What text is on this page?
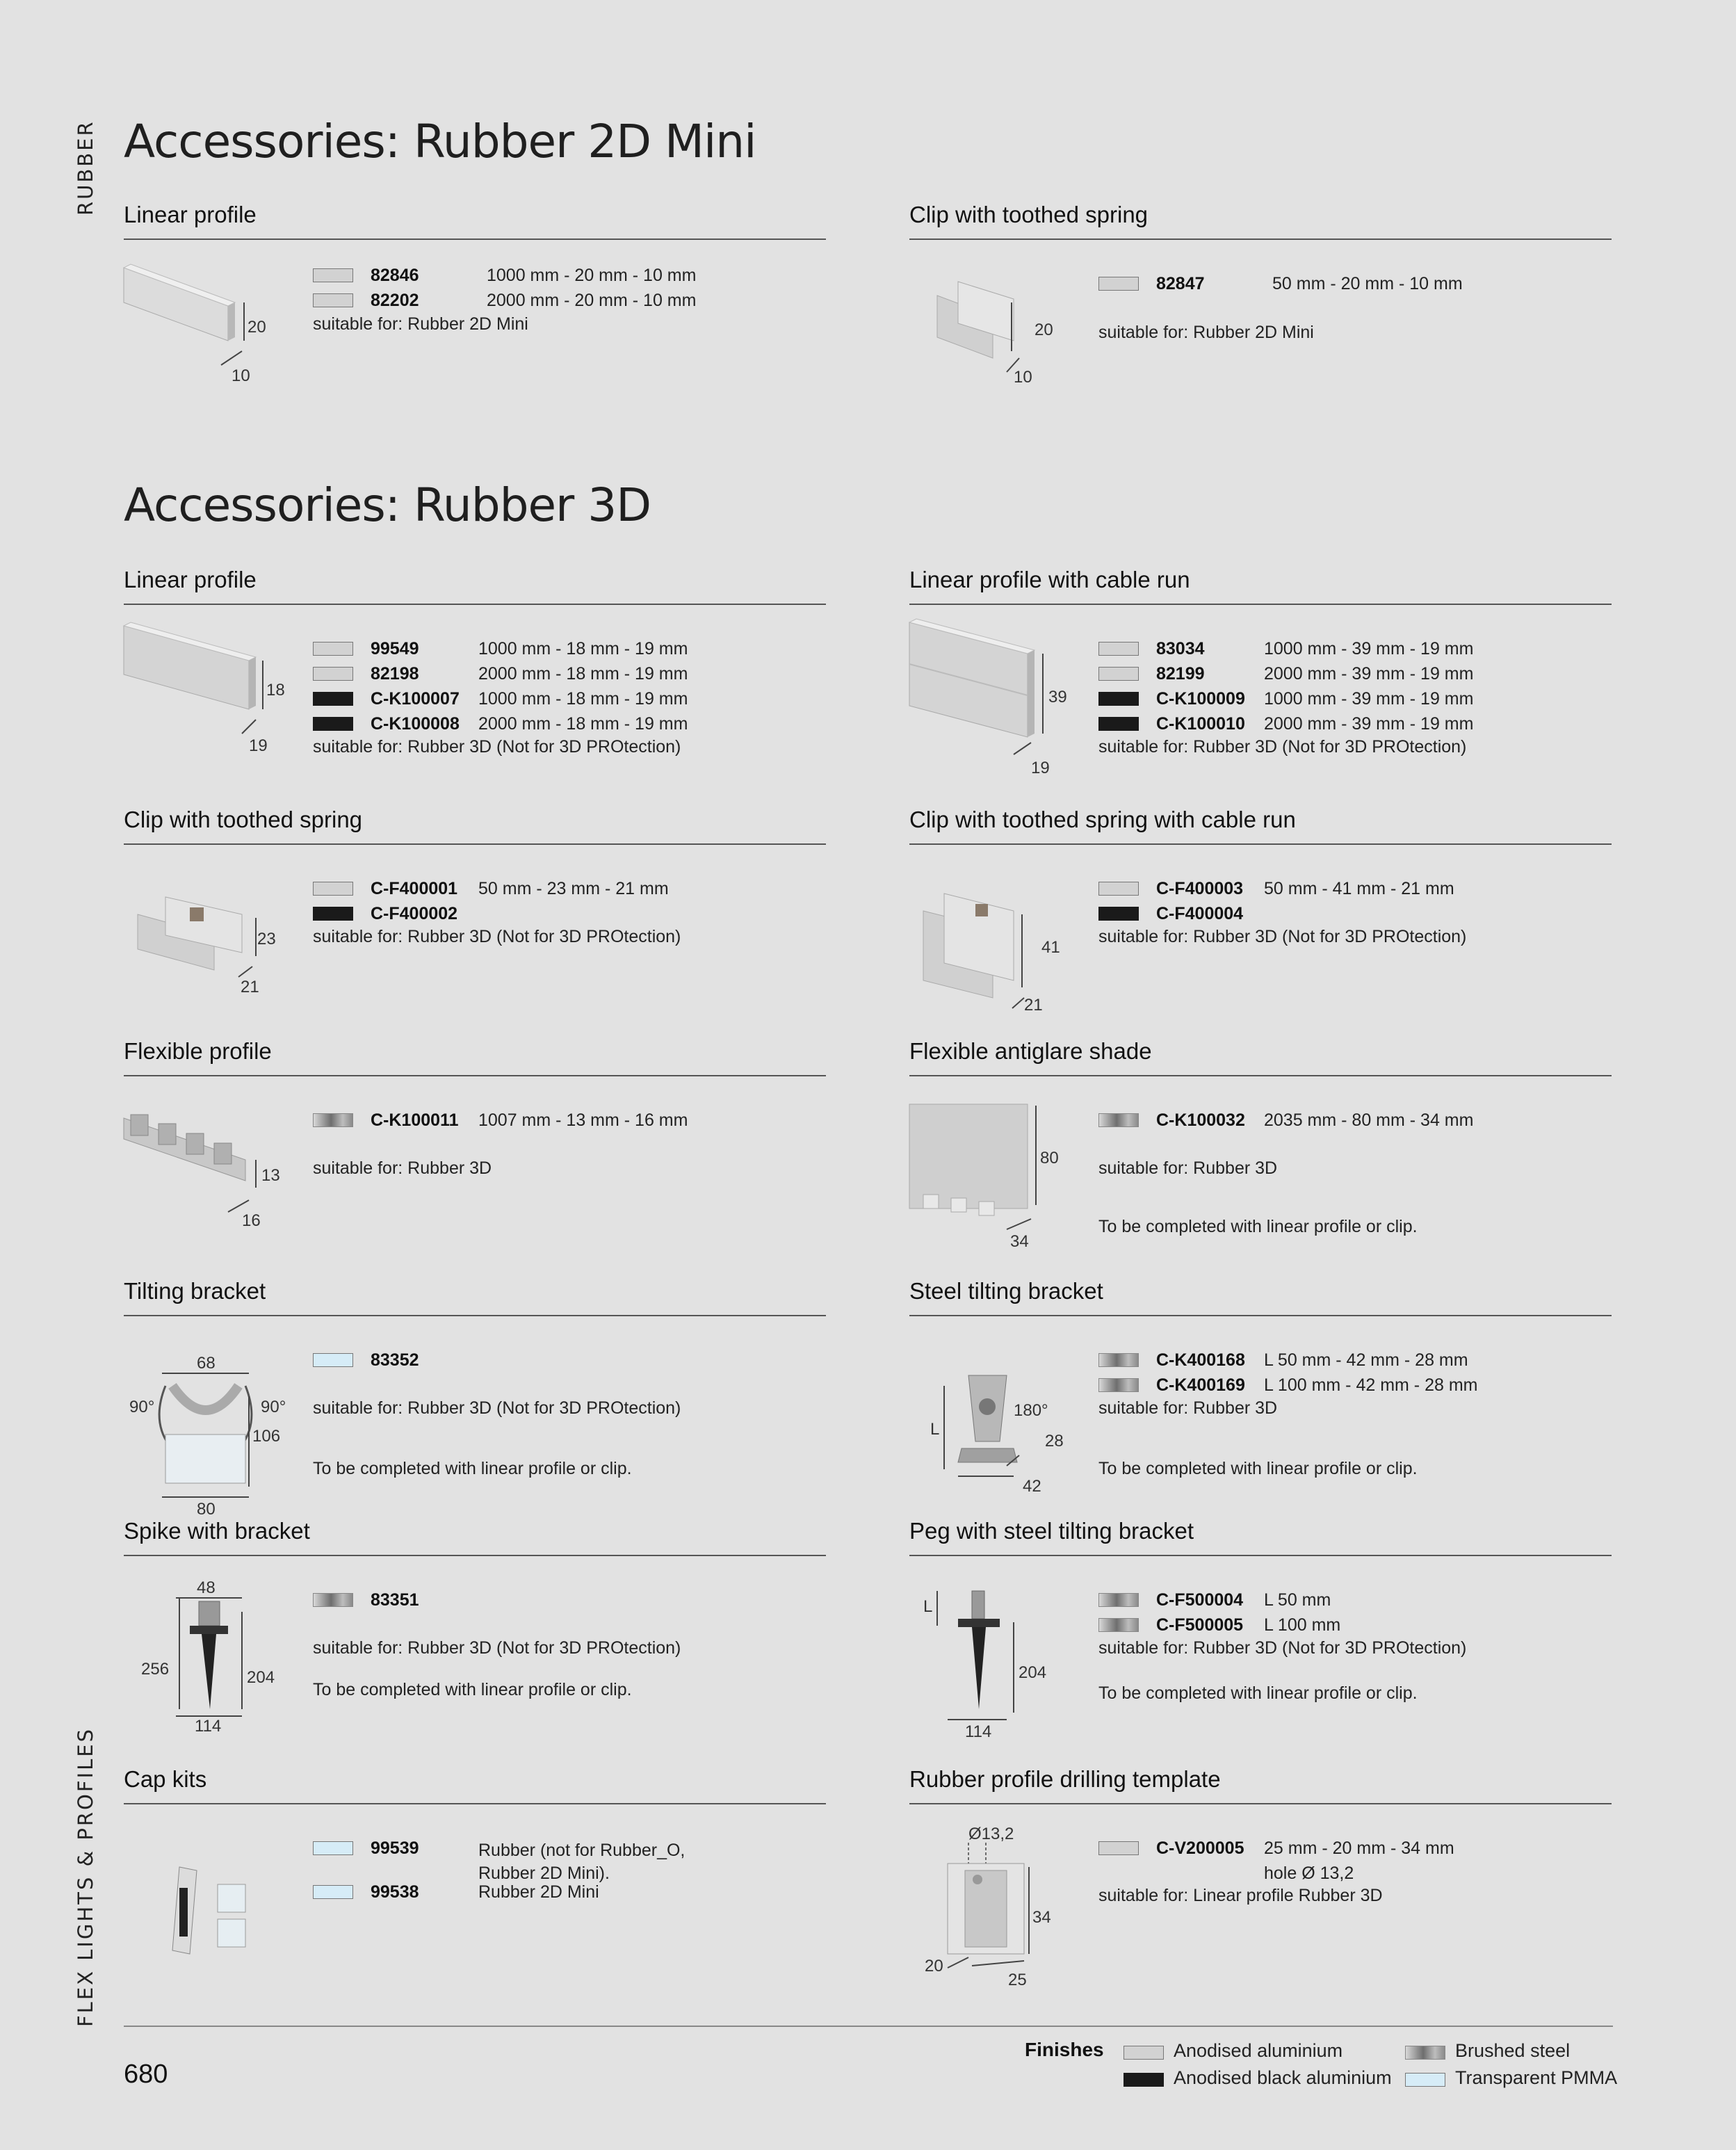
RUBBER
FLEX LIGHTS & PROFILES
Accessories: Rubber 2D Mini
Accessories: Rubber 3D
Linear profile
20
10
82846	1000 mm - 20 mm - 10 mm
82202	2000 mm - 20 mm - 10 mm
suitable for: Rubber 2D Mini
Clip with toothed spring
20
10
82847	50 mm - 20 mm - 10 mm
suitable for: Rubber 2D Mini
Linear profile
18
19
99549	1000 mm - 18 mm - 19 mm
82198	2000 mm - 18 mm - 19 mm
C-K100007 1000 mm - 18 mm - 19 mm
C-K100008 2000 mm - 18 mm - 19 mm
suitable for: Rubber 3D (Not for 3D PROtection)
Linear profile with cable run
39
19
83034	1000 mm - 39 mm - 19 mm
82199	2000 mm - 39 mm - 19 mm
C-K100009 1000 mm - 39 mm - 19 mm
C-K100010 2000 mm - 39 mm - 19 mm
suitable for: Rubber 3D (Not for 3D PROtection)
Clip with toothed spring
23
21
C-F400001 50 mm - 23 mm - 21 mm
C-F400002
suitable for: Rubber 3D (Not for 3D PROtection)
Clip with toothed spring with cable run
41
21
C-F400003 50 mm - 41 mm - 21 mm
C-F400004
suitable for: Rubber 3D (Not for 3D PROtection)
Flexible profile
13
16
C-K100011 1007 mm - 13 mm - 16 mm
suitable for: Rubber 3D
Flexible antiglare shade
80
34
C-K100032 2035 mm - 80 mm - 34 mm
suitable for: Rubber 3D
To be completed with linear profile or clip.
Tilting bracket
68
90°	90°
106
80
83352
suitable for: Rubber 3D (Not for 3D PROtection)
To be completed with linear profile or clip.
Steel tilting bracket
L
180°
28
42
C-K400168 L 50 mm - 42 mm - 28 mm
C-K400169 L 100 mm - 42 mm - 28 mm
suitable for: Rubber 3D
To be completed with linear profile or clip.
Spike with bracket
48
256	204
114
83351
suitable for: Rubber 3D (Not for 3D PROtection)
To be completed with linear profile or clip.
Peg with steel tilting bracket
L
204
114
C-F500004 L 50 mm
C-F500005 L 100 mm
suitable for: Rubber 3D (Not for 3D PROtection)
To be completed with linear profile or clip.
Cap kits
99539	Rubber (not for Rubber_O,
Rubber 2D Mini).
99538	Rubber 2D Mini
Rubber profile drilling template
Ø13,2
34
20
25
C-V200005 25 mm - 20 mm - 34 mm
hole Ø 13,2
suitable for: Linear profile Rubber 3D
680
Finishes	Anodised aluminium
Anodised black aluminium
Brushed steel
Transparent PMMA
